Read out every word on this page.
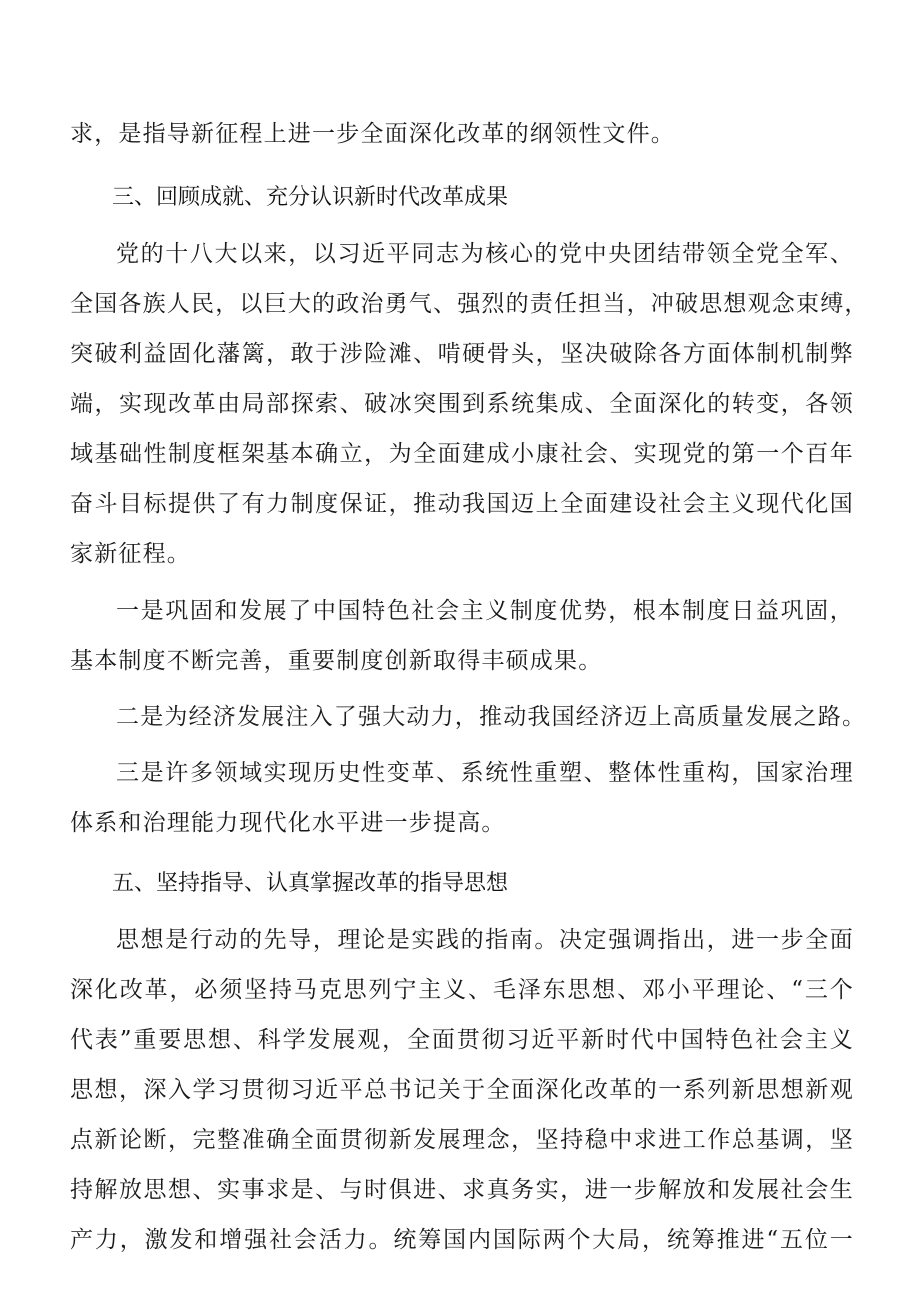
求，是指导新征程上进一步全面深化改革的纲领性文件。
三、回顾成就、充分认识新时代改革成果
党的十八大以来，以习近平同志为核心的党中央团结带领全党全军、
全国各族人民，以巨大的政治勇气、强烈的责任担当，冲破思想观念束缚，
突破利益固化藩篱，敢于涉险滩、啃硬骨头，坚决破除各方面体制机制弊
端，实现改革由局部探索、破冰突围到系统集成、全面深化的转变，各领
域基础性制度框架基本确立，为全面建成小康社会、实现党的第一个百年
奋斗目标提供了有力制度保证，推动我国迈上全面建设社会主义现代化国
家新征程。
一是巩固和发展了中国特色社会主义制度优势，根本制度日益巩固，
基本制度不断完善，重要制度创新取得丰硕成果。
二是为经济发展注入了强大动力，推动我国经济迈上高质量发展之路。
三是许多领域实现历史性变革、系统性重塑、整体性重构，国家治理
体系和治理能力现代化水平进一步提高。
五、坚持指导、认真掌握改革的指导思想
思想是行动的先导，理论是实践的指南。决定强调指出，进一步全面
深化改革，必须坚持马克思列宁主义、毛泽东思想、邓小平理论、“三个
代表”重要思想、科学发展观，全面贯彻习近平新时代中国特色社会主义
思想，深入学习贯彻习近平总书记关于全面深化改革的一系列新思想新观
点新论断，完整准确全面贯彻新发展理念，坚持稳中求进工作总基调，坚
持解放思想、实事求是、与时俱进、求真务实，进一步解放和发展社会生
产力，激发和增强社会活力。统筹国内国际两个大局，统筹推进“五位一
